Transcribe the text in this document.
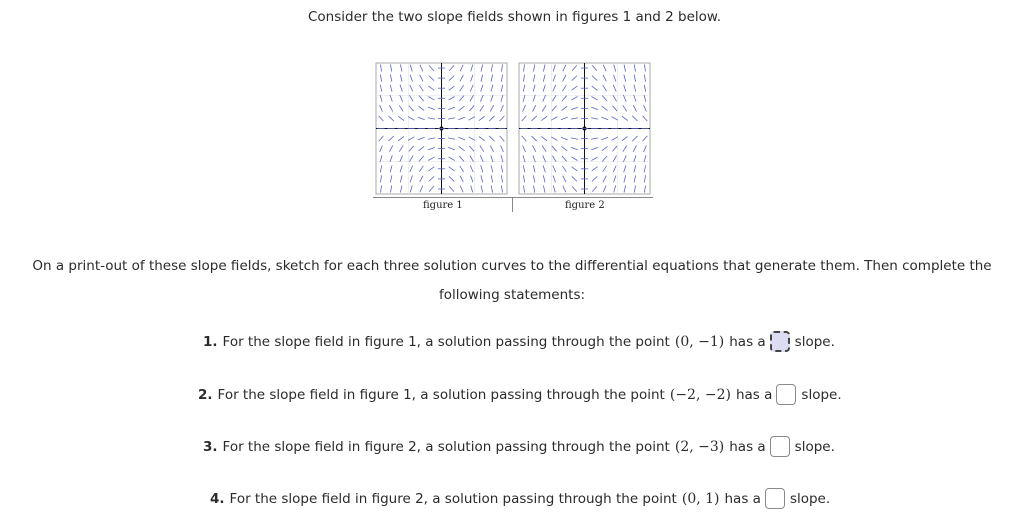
Consider the two slope fields shown in figures 1 and 2 below.
figure 1	figure 2
On a print-out of these slope fields, sketch for each three solution curves to the differential equations that generate them. Then complete the following statements:
1. For the slope field in figure 1, a solution passing through the point (0, −1) has a slope.
2. For the slope field in figure 1, a solution passing through the point (−2, −2) has a slope.
3. For the slope field in figure 2, a solution passing through the point (2, −3) has a slope.
4. For the slope field in figure 2, a solution passing through the point (0, 1) has a slope.
